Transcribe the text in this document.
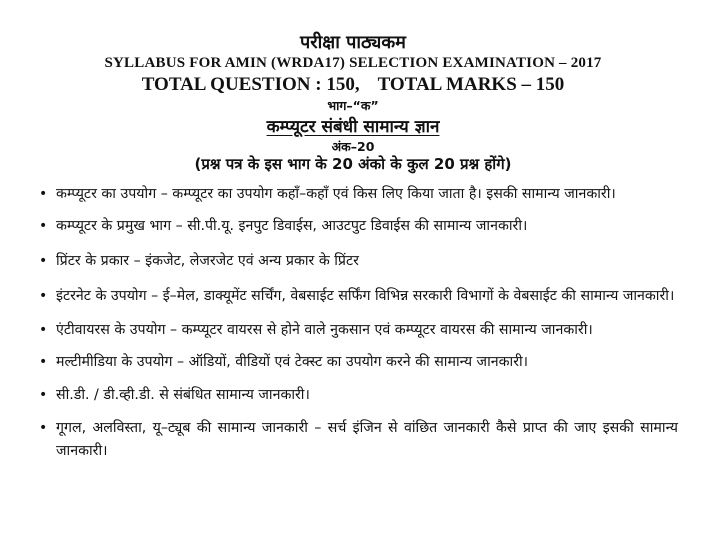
परीक्षा पाठ्यकम
SYLLABUS FOR AMIN (WRDA17) SELECTION EXAMINATION – 2017
TOTAL QUESTION : 150, TOTAL MARKS – 150
भाग–“क”
कम्प्यूटर संबंधी सामान्य ज्ञान
अंक–20
(प्रश्न पत्र के इस भाग के 20 अंको के कुल 20 प्रश्न होंगे)
• कम्प्यूटर का उपयोग – कम्प्यूटर का उपयोग कहाँ–कहाँ एवं किस लिए किया जाता है। इसकी सामान्य जानकारी।
• कम्प्यूटर के प्रमुख भाग – सी.पी.यू. इनपुट डिवाईस, आउटपुट डिवाईस की सामान्य जानकारी।
• प्रिंटर के प्रकार – इंकजेट, लेजरजेट एवं अन्य प्रकार के प्रिंटर
• इंटरनेट के उपयोग – ई–मेल, डाक्यूमेंट सर्चिंग, वेबसाईट सर्फिंग विभिन्न सरकारी विभागों के वेबसाईट की सामान्य जानकारी।
• एंटीवायरस के उपयोग – कम्प्यूटर वायरस से होने वाले नुकसान एवं कम्प्यूटर वायरस की सामान्य जानकारी।
• मल्टीमीडिया के उपयोग – ऑडियों, वीडियों एवं टेक्स्ट का उपयोग करने की सामान्य जानकारी।
• सी.डी. / डी.व्ही.डी. से संबंधित सामान्य जानकारी।
• गूगल, अलविस्ता, यू–ट्यूब की सामान्य जानकारी – सर्च इंजिन से वांछित जानकारी कैसे प्राप्त की जाए इसकी सामान्य जानकारी।
